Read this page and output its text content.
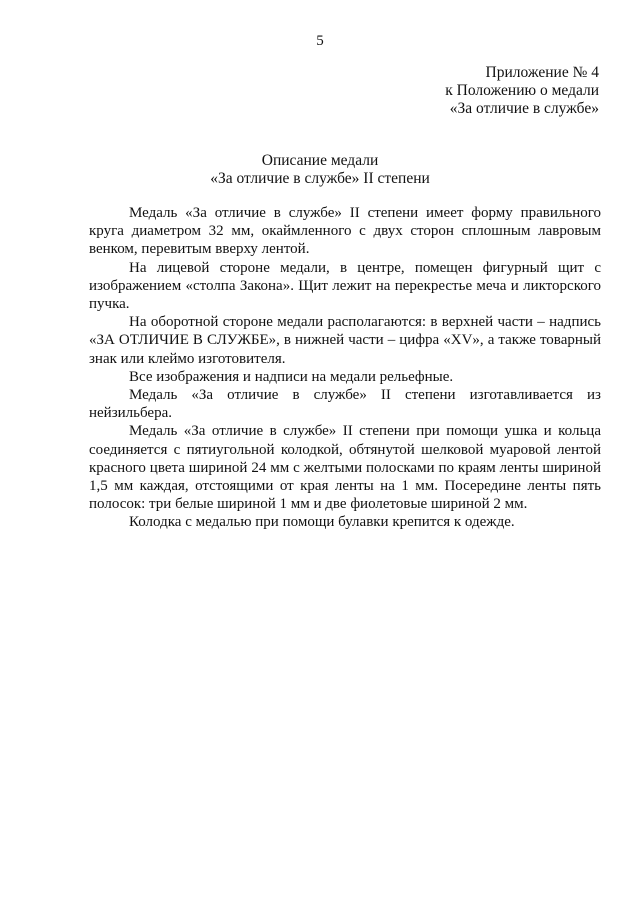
5
Приложение № 4
к Положению о медали
«За отличие в службе»
Описание медали
«За отличие в службе» II степени

Медаль «За отличие в службе» II степени имеет форму правильного круга диаметром 32 мм, окаймленного с двух сторон сплошным лавровым венком, перевитым вверху лентой.

На лицевой стороне медали, в центре, помещен фигурный щит с изображением «столпа Закона». Щит лежит на перекрестье меча и ликторского пучка.

На оборотной стороне медали располагаются: в верхней части – надпись «ЗА ОТЛИЧИЕ В СЛУЖБЕ», в нижней части – цифра «XV», а также товарный знак или клеймо изготовителя.

Все изображения и надписи на медали рельефные.

Медаль «За отличие в службе» II степени изготавливается из нейзильбера.

Медаль «За отличие в службе» II степени при помощи ушка и кольца соединяется с пятиугольной колодкой, обтянутой шелковой муаровой лентой красного цвета шириной 24 мм с желтыми полосками по краям ленты шириной 1,5 мм каждая, отстоящими от края ленты на 1 мм. Посередине ленты пять полосок: три белые шириной 1 мм и две фиолетовые шириной 2 мм.

Колодка с медалью при помощи булавки крепится к одежде.
